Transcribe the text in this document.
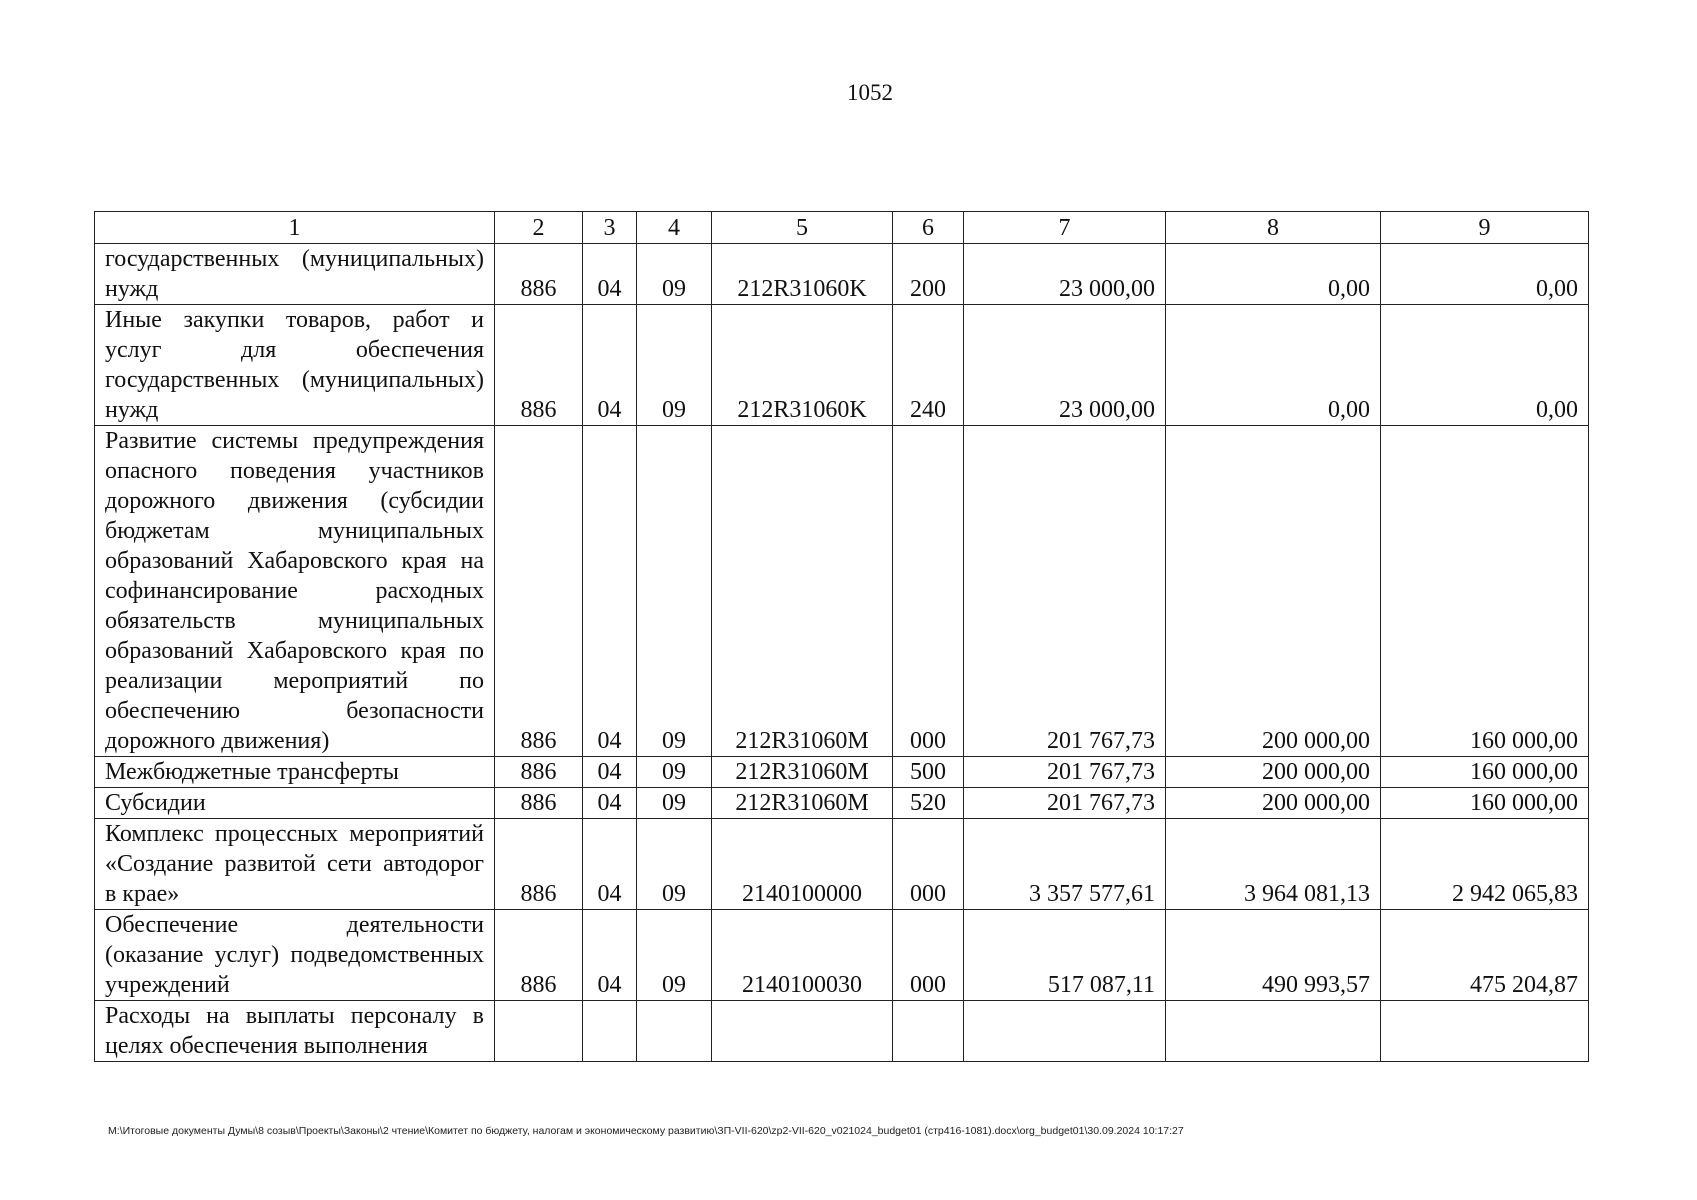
1052
1	2	3	4	5	6	7	8	9
государственных (муниципальных) нужд	886	04	09	212R31060K	200	23 000,00	0,00	0,00
Иные закупки товаров, работ и услуг для обеспечения государственных (муниципальных) нужд	886	04	09	212R31060K	240	23 000,00	0,00	0,00
Развитие системы предупреждения опасного поведения участников дорожного движения (субсидии бюджетам муниципальных образований Хабаровского края на софинансирование расходных обязательств муниципальных образований Хабаровского края по реализации мероприятий по обеспечению безопасности дорожного движения)	886	04	09	212R31060M	000	201 767,73	200 000,00	160 000,00
Межбюджетные трансферты	886	04	09	212R31060M	500	201 767,73	200 000,00	160 000,00
Субсидии	886	04	09	212R31060M	520	201 767,73	200 000,00	160 000,00
Комплекс процессных мероприятий «Создание развитой сети автодорог в крае»	886	04	09	2140100000	000	3 357 577,61	3 964 081,13	2 942 065,83
Обеспечение деятельности (оказание услуг) подведомственных учреждений	886	04	09	2140100030	000	517 087,11	490 993,57	475 204,87
Расходы на выплаты персоналу в целях обеспечения выполнения								
M:\Итоговые документы Думы\8 созыв\Проекты\Законы\2 чтение\Комитет по бюджету, налогам и экономическому развитию\ЗП-VII-620\zp2-VII-620_v021024_budget01 (стр416-1081).docx\org_budget01\30.09.2024 10:17:27
